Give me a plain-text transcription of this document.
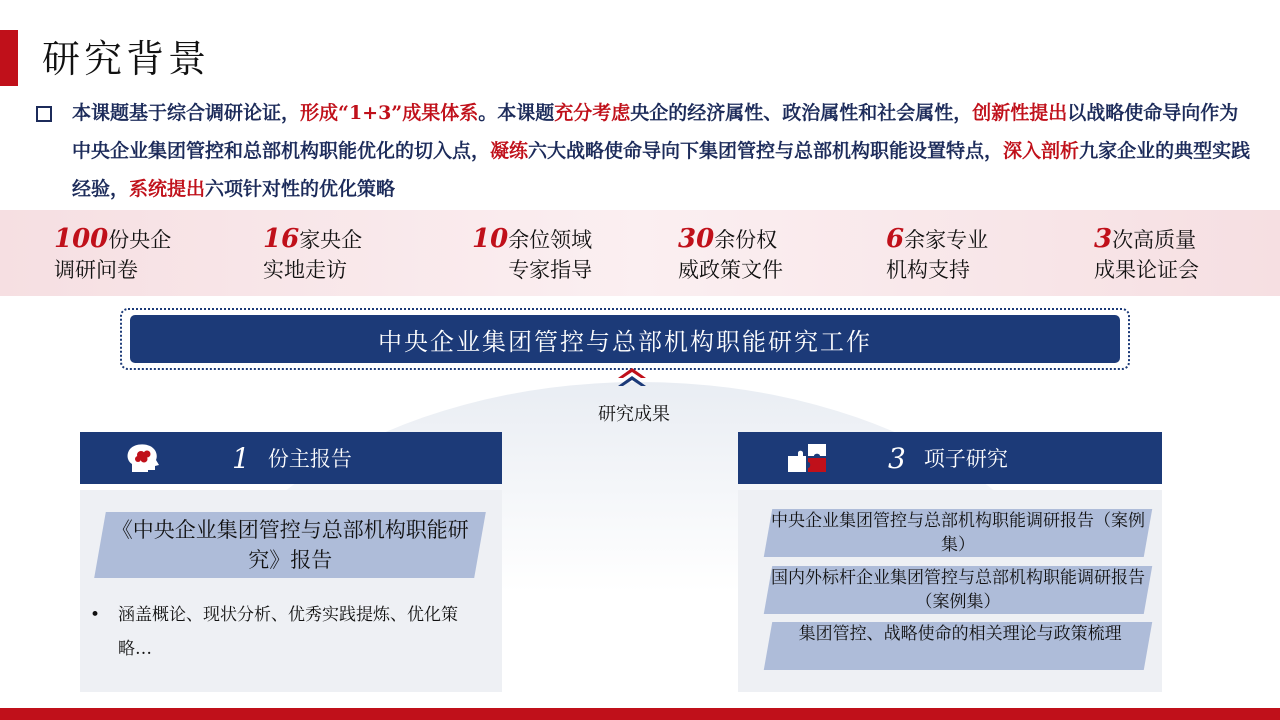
研究背景

本课题基于综合调研论证，形成“1+3”成果体系。本课题充分考虑央企的经济属性、政治属性和社会属性，创新性提出以战略使命导向作为中央企业集团管控和总部机构职能优化的切入点，凝练六大战略使命导向下集团管控与总部机构职能设置特点，深入剖析九家企业的典型实践经验，系统提出六项针对性的优化策略

100份央企
调研问卷
16家央企
实地走访
10余位领域
专家指导
30余份权
威政策文件
6余家专业
机构支持
3次高质量
成果论证会
中央企业集团管控与总部机构职能研究工作
研究成果
1 份主报告
《中央企业集团管控与总部机构职能研究》报告
• 涵盖概论、现状分析、优秀实践提炼、优化策略…
3 项子研究
中央企业集团管控与总部机构职能调研报告（案例集）
国内外标杆企业集团管控与总部机构职能调研报告（案例集）
集团管控、战略使命的相关理论与政策梳理
